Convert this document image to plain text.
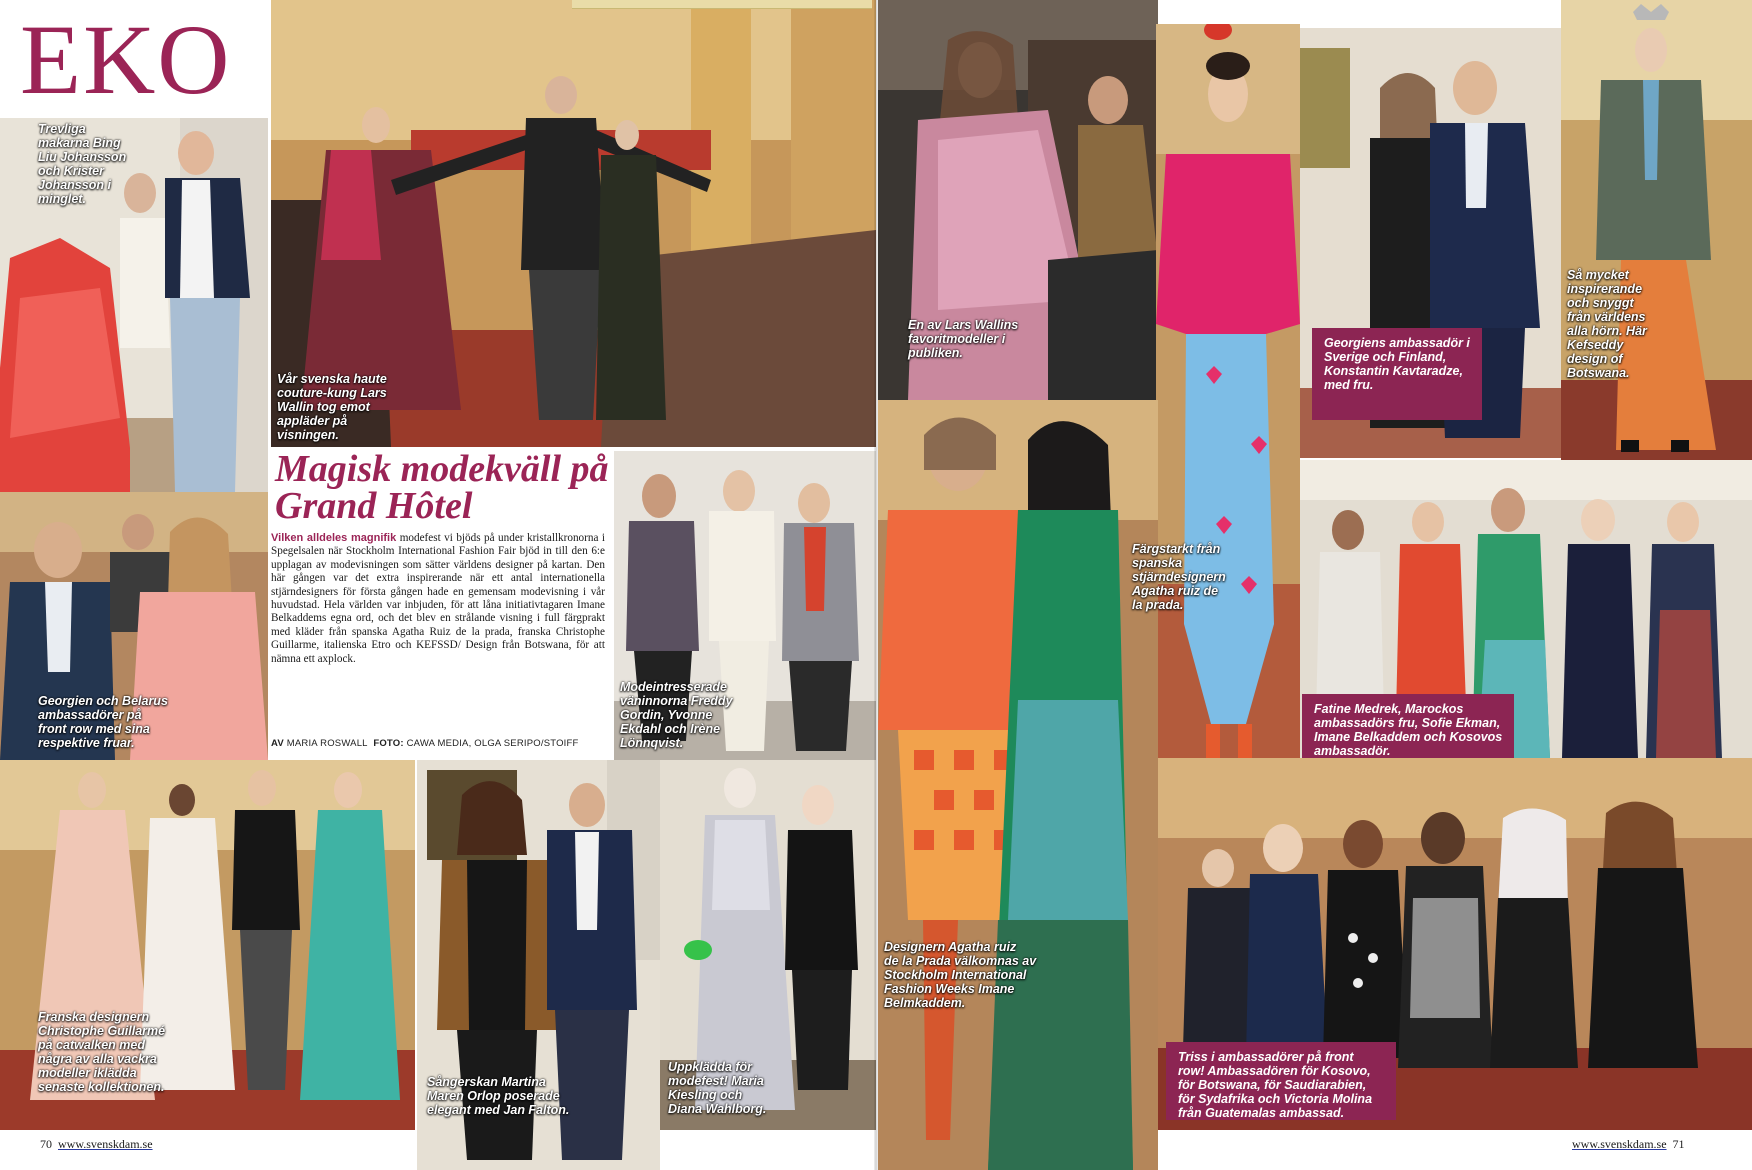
Trevliga
makarna Bing
Liu Johansson
och Krister
Johansson i
minglet.
EKO
Vår svenska haute
couture-kung Lars
Wallin tog emot
appläder på
visningen.
En av Lars Wallins
favoritmodeller i
publiken.
Georgiens ambassadör i
Sverige och Finland,
Konstantin Kavtaradze,
med fru.
Så mycket
inspirerande
och snyggt
från världens
alla hörn. Här
Kefseddy
design of
Botswana.
Georgien och Belarus
ambassadörer på
front row med sina
respektive fruar.
Magisk modekväll på Grand Hôtel
Vilken alldeles magnifik modefest vi bjöds på under kristallkronorna i Spegelsalen när Stockholm International Fashion Fair bjöd in till den 6:e upplagan av modevisningen som sätter världens designer på kartan. Den här gången var det extra inspirerande när ett antal internationella stjärndesigners för första gången hade en gemensam modevisning i vår huvudstad. Hela världen var inbjuden, för att låna initiativtagaren Imane Belkaddems egna ord, och det blev en strålande visning i full färgprakt med kläder från spanska Agatha Ruiz de la prada, franska Christophe Guillarme, italienska Etro och KEFSSD/ Design från Botswana, för att nämna ett axplock.
AV MARIA ROSWALL FOTO: CAWA MEDIA, OLGA SERIPO/STOIFF
Modeintresserade
väninnorna Freddy
Gordin, Yvonne
Ekdahl och Irène
Lönnqvist.
Designern Agatha ruiz
de la Prada välkomnas av
Stockholm International
Fashion Weeks Imane
Belmkaddem.
Färgstarkt från
spanska
stjärndesignern
Agatha ruiz de
la prada.
Fatine Medrek, Marockos
ambassadörs fru, Sofie Ekman,
Imane Belkaddem och Kosovos
ambassadör.
Franska designern
Christophe Guillarmé
på catwalken med
några av alla vackra
modeller iklädda
senaste kollektionen.	Sångerskan Martina
Maren Orlop poserade
elegant med Jan Falton.
Uppklädda för
modefest! Maria
Kiesling och
Diana Wahlborg.
Triss i ambassadörer på front
row! Ambassadören för Kosovo,
för Botswana, för Saudiarabien,
för Sydafrika och Victoria Molina
från Guatemalas ambassad.
70 www.svenskdam.se	www.svenskdam.se 71
